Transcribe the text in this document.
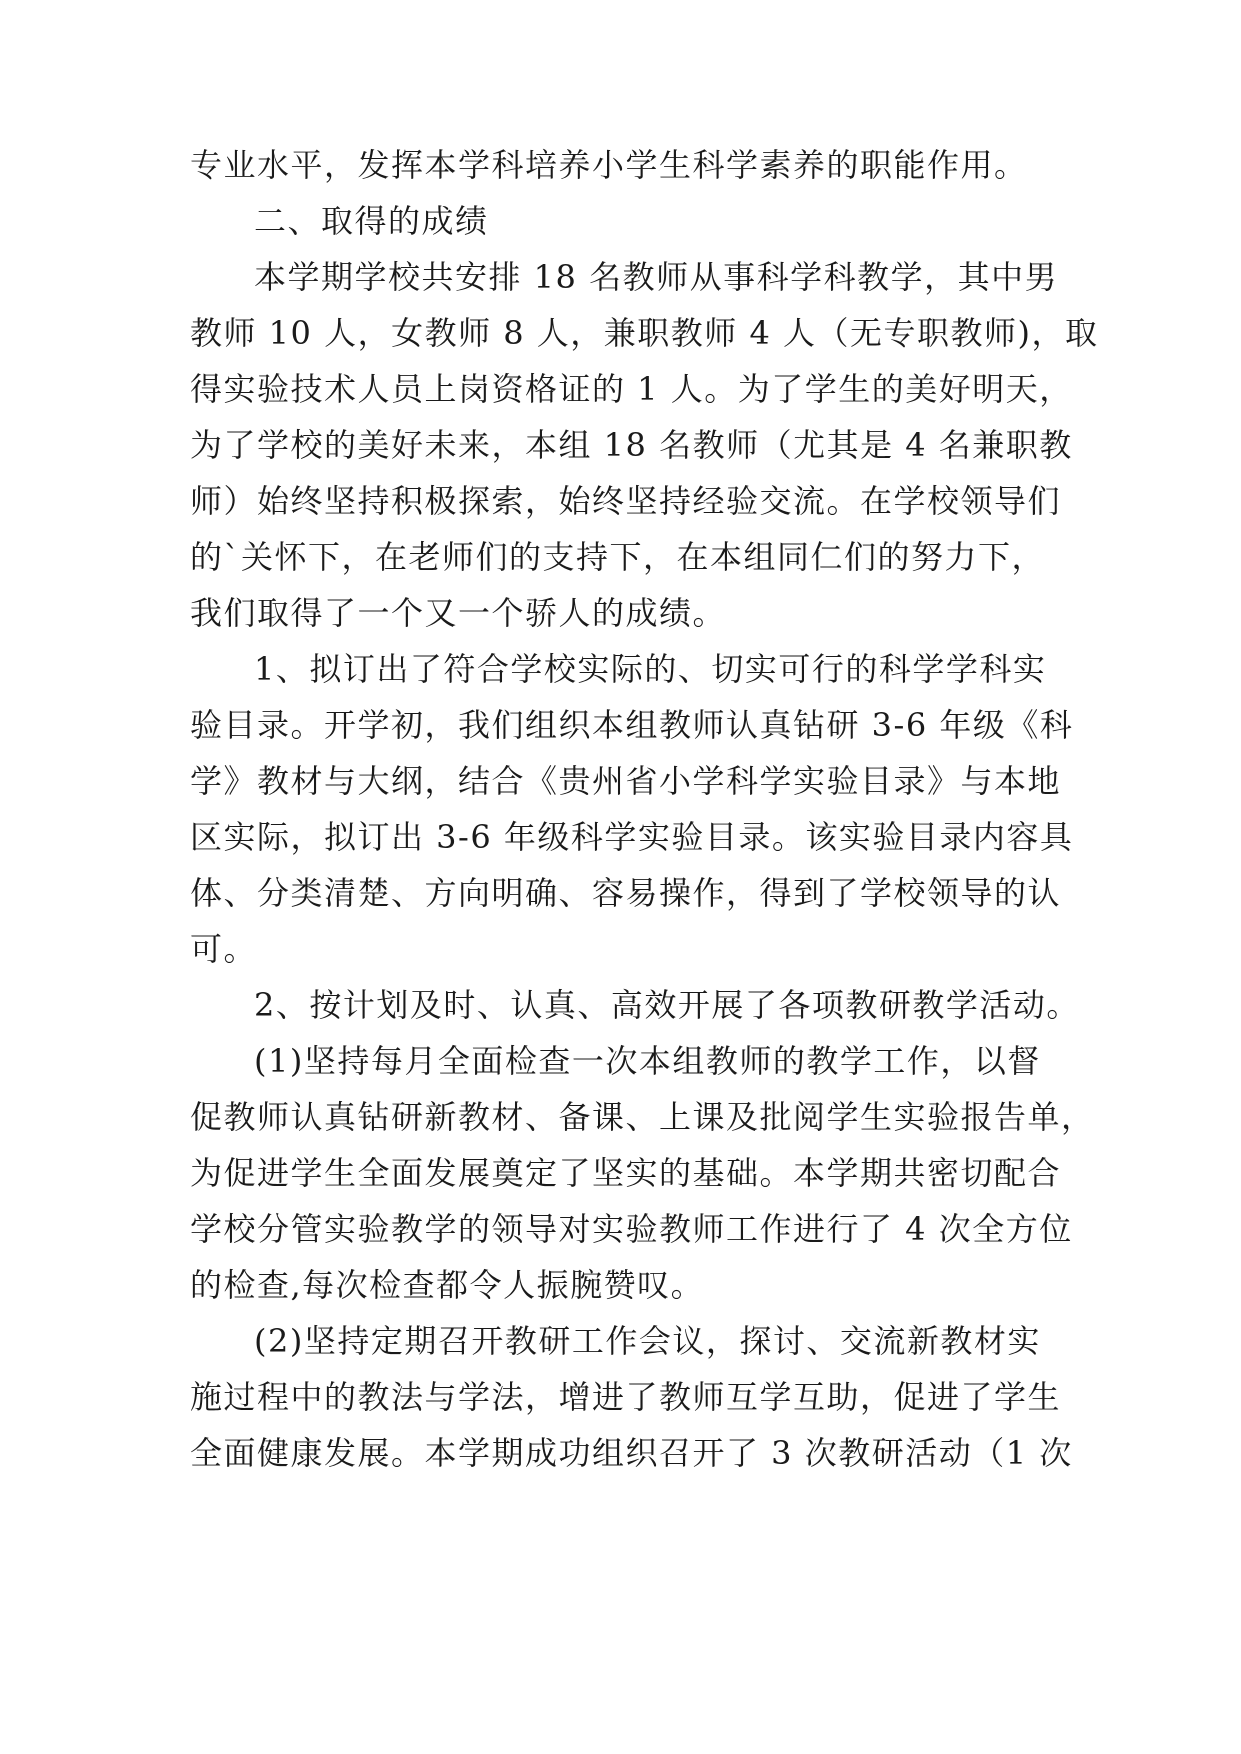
专业水平，发挥本学科培养小学生科学素养的职能作用。
二、取得的成绩
本学期学校共安排 18 名教师从事科学科教学，其中男
教师 10 人，女教师 8 人，兼职教师 4 人（无专职教师)，取
得实验技术人员上岗资格证的 1 人。为了学生的美好明天，
为了学校的美好未来，本组 18 名教师（尤其是 4 名兼职教
师）始终坚持积极探索，始终坚持经验交流。在学校领导们
的`关怀下，在老师们的支持下，在本组同仁们的努力下，
我们取得了一个又一个骄人的成绩。
1、拟订出了符合学校实际的、切实可行的科学学科实
验目录。开学初，我们组织本组教师认真钻研 3-6 年级《科
学》教材与大纲，结合《贵州省小学科学实验目录》与本地
区实际，拟订出 3-6 年级科学实验目录。该实验目录内容具
体、分类清楚、方向明确、容易操作，得到了学校领导的认
可。
2、按计划及时、认真、高效开展了各项教研教学活动。
(1)坚持每月全面检查一次本组教师的教学工作，以督
促教师认真钻研新教材、备课、上课及批阅学生实验报告单，
为促进学生全面发展奠定了坚实的基础。本学期共密切配合
学校分管实验教学的领导对实验教师工作进行了 4 次全方位
的检查,每次检查都令人振腕赞叹。
(2)坚持定期召开教研工作会议，探讨、交流新教材实
施过程中的教法与学法，增进了教师互学互助，促进了学生
全面健康发展。本学期成功组织召开了 3 次教研活动（1 次
